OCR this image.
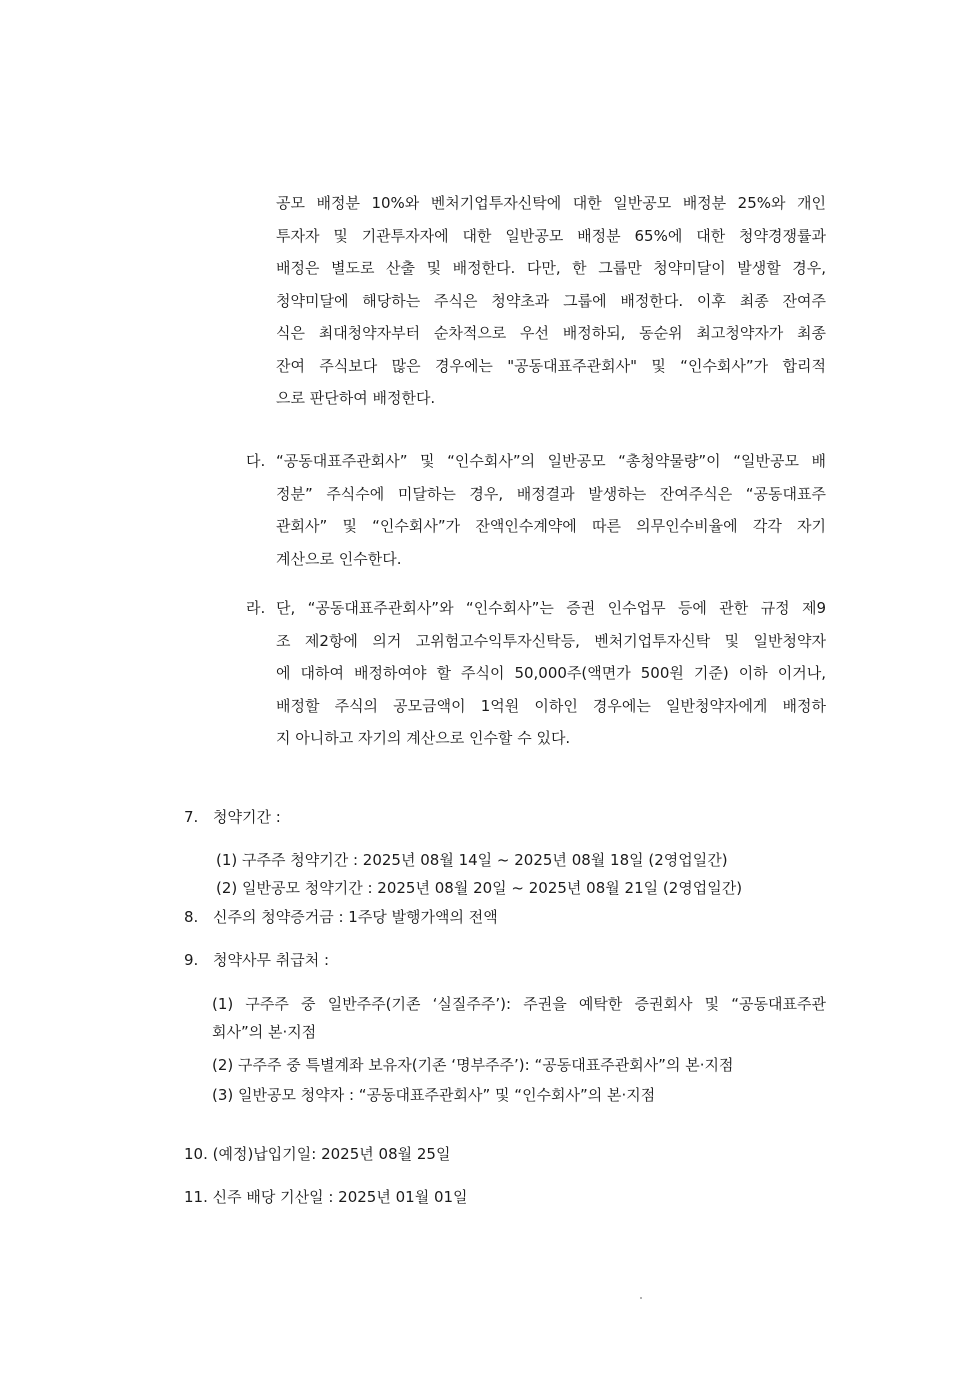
공모 배정분 10%와 벤처기업투자신탁에 대한 일반공모 배정분 25%와 개인
투자자 및 기관투자자에 대한 일반공모 배정분 65%에 대한 청약경쟁률과
배정은 별도로 산출 및 배정한다. 다만, 한 그룹만 청약미달이 발생할 경우,
청약미달에 해당하는 주식은 청약초과 그룹에 배정한다. 이후 최종 잔여주
식은 최대청약자부터 순차적으로 우선 배정하되, 동순위 최고청약자가 최종
잔여 주식보다 많은 경우에는 "공동대표주관회사" 및 “인수회사”가 합리적
으로 판단하여 배정한다.
다. “공동대표주관회사” 및 “인수회사”의 일반공모 “총청약물량”이 “일반공모 배
정분” 주식수에 미달하는 경우, 배정결과 발생하는 잔여주식은 “공동대표주
관회사” 및 “인수회사”가 잔액인수계약에 따른 의무인수비율에 각각 자기
계산으로 인수한다.
라. 단, “공동대표주관회사”와 “인수회사”는 증권 인수업무 등에 관한 규정 제9
조 제2항에 의거 고위험고수익투자신탁등, 벤처기업투자신탁 및 일반청약자
에 대하여 배정하여야 할 주식이 50,000주(액면가 500원 기준) 이하 이거나,
배정할 주식의 공모금액이 1억원 이하인 경우에는 일반청약자에게 배정하
지 아니하고 자기의 계산으로 인수할 수 있다.
7. 청약기간 :
(1) 구주주 청약기간 : 2025년 08월 14일 ~ 2025년 08월 18일 (2영업일간)
(2) 일반공모 청약기간 : 2025년 08월 20일 ~ 2025년 08월 21일 (2영업일간)
8. 신주의 청약증거금 : 1주당 발행가액의 전액
9. 청약사무 취급처 :
(1) 구주주 중 일반주주(기존 ‘실질주주’): 주권을 예탁한 증권회사 및 “공동대표주관
회사”의 본·지점
(2) 구주주 중 특별계좌 보유자(기존 ‘명부주주’): “공동대표주관회사”의 본·지점
(3) 일반공모 청약자 : “공동대표주관회사” 및 “인수회사”의 본·지점
10. (예정)납입기일: 2025년 08월 25일
11. 신주 배당 기산일 : 2025년 01월 01일
